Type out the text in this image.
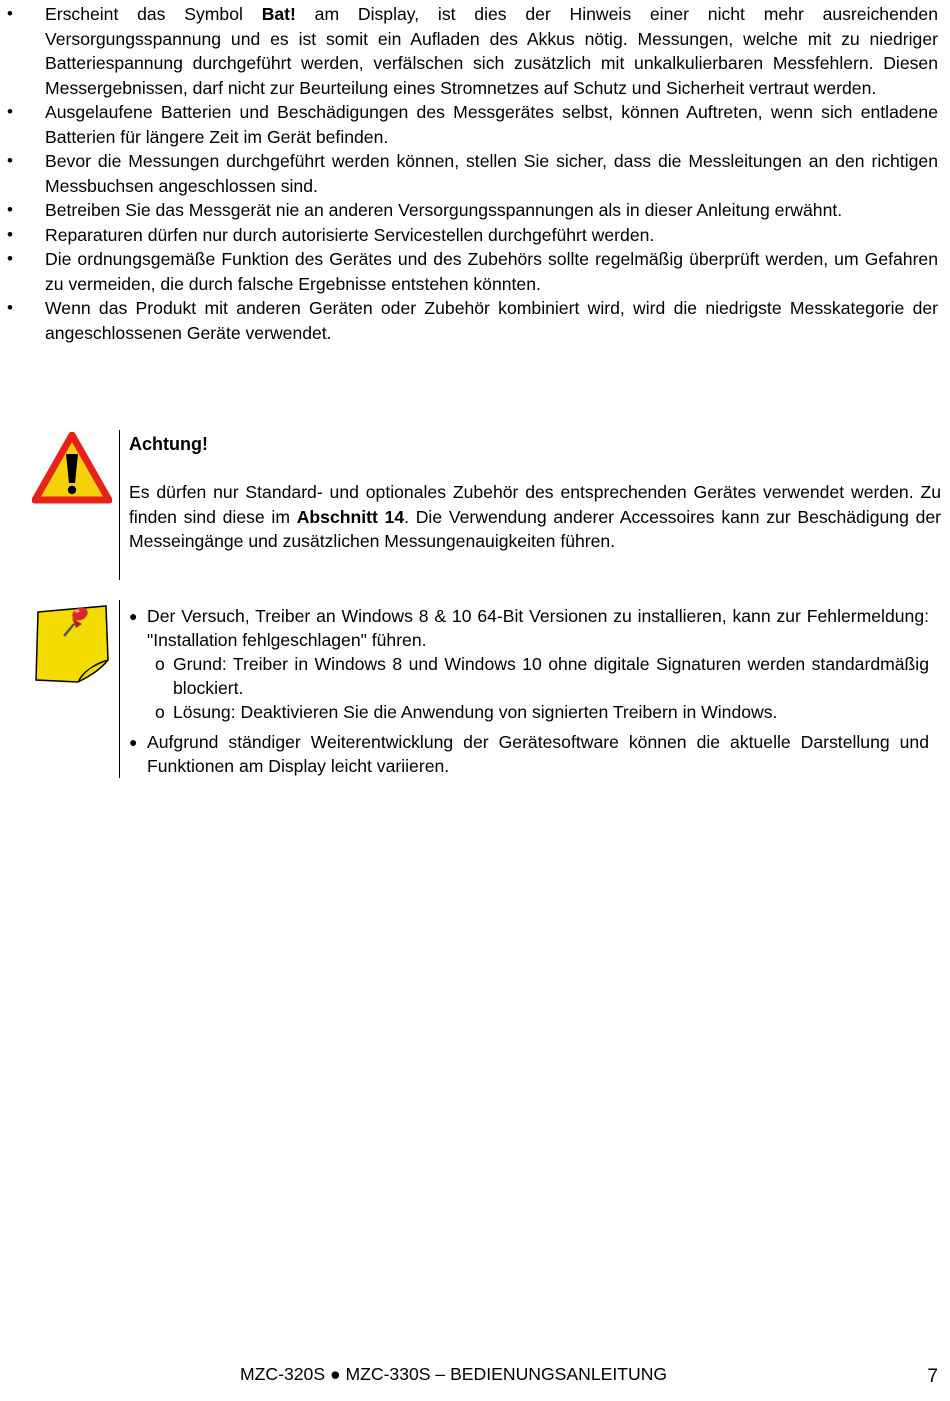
• Erscheint das Symbol Bat! am Display, ist dies der Hinweis einer nicht mehr ausreichenden Versorgungsspannung und es ist somit ein Aufladen des Akkus nötig. Messungen, welche mit zu niedriger Batteriespannung durchgeführt werden, verfälschen sich zusätzlich mit unkalkulierbaren Messfehlern. Diesen Messergebnissen, darf nicht zur Beurteilung eines Stromnetzes auf Schutz und Sicherheit vertraut werden.
• Ausgelaufene Batterien und Beschädigungen des Messgerätes selbst, können Auftreten, wenn sich entladene Batterien für längere Zeit im Gerät befinden.
• Bevor die Messungen durchgeführt werden können, stellen Sie sicher, dass die Messleitungen an den richtigen Messbuchsen angeschlossen sind.
• Betreiben Sie das Messgerät nie an anderen Versorgungsspannungen als in dieser Anleitung erwähnt.
• Reparaturen dürfen nur durch autorisierte Servicestellen durchgeführt werden.
• Die ordnungsgemäße Funktion des Gerätes und des Zubehörs sollte regelmäßig überprüft werden, um Gefahren zu vermeiden, die durch falsche Ergebnisse entstehen könnten.
• Wenn das Produkt mit anderen Geräten oder Zubehör kombiniert wird, wird die niedrigste Messkategorie der angeschlossenen Geräte verwendet.
Achtung!
Es dürfen nur Standard- und optionales Zubehör des entsprechenden Gerätes verwendet werden. Zu finden sind diese im Abschnitt 14. Die Verwendung anderer Accessoires kann zur Beschädigung der Messeingänge und zusätzlichen Messungenauigkeiten führen.
● Der Versuch, Treiber an Windows 8 & 10 64-Bit Versionen zu installieren, kann zur Fehlermeldung: "Installation fehlgeschlagen" führen.
o Grund: Treiber in Windows 8 und Windows 10 ohne digitale Signaturen werden standardmäßig blockiert.
o Lösung: Deaktivieren Sie die Anwendung von signierten Treibern in Windows.
● Aufgrund ständiger Weiterentwicklung der Gerätesoftware können die aktuelle Darstellung und Funktionen am Display leicht variieren.
MZC-320S ● MZC-330S – BEDIENUNGSANLEITUNG	7
